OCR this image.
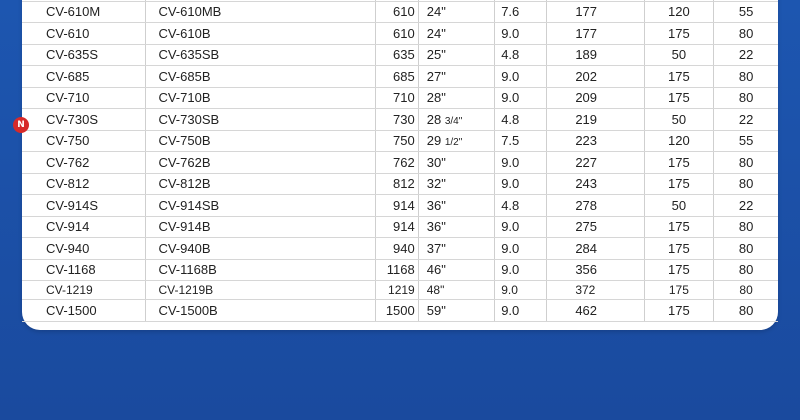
CV-610M	CV-610MB	610	24"	7.6	177	120	55
CV-610	CV-610B	610	24"	9.0	177	175	80
CV-635S	CV-635SB	635	25"	4.8	189	50	22
CV-685	CV-685B	685	27"	9.0	202	175	80
CV-710	CV-710B	710	28"	9.0	209	175	80
CV-730S	CV-730SB	730	28 3/4"	4.8	219	50	22
CV-750	CV-750B	750	29 1/2"	7.5	223	120	55
CV-762	CV-762B	762	30"	9.0	227	175	80
CV-812	CV-812B	812	32"	9.0	243	175	80
CV-914S	CV-914SB	914	36"	4.8	278	50	22
CV-914	CV-914B	914	36"	9.0	275	175	80
CV-940	CV-940B	940	37"	9.0	284	175	80
CV-1168	CV-1168B	1168	46"	9.0	356	175	80
CV-1219	CV-1219B	1219	48"	9.0	372	175	80
CV-1500	CV-1500B	1500	59"	9.0	462	175	80
N
